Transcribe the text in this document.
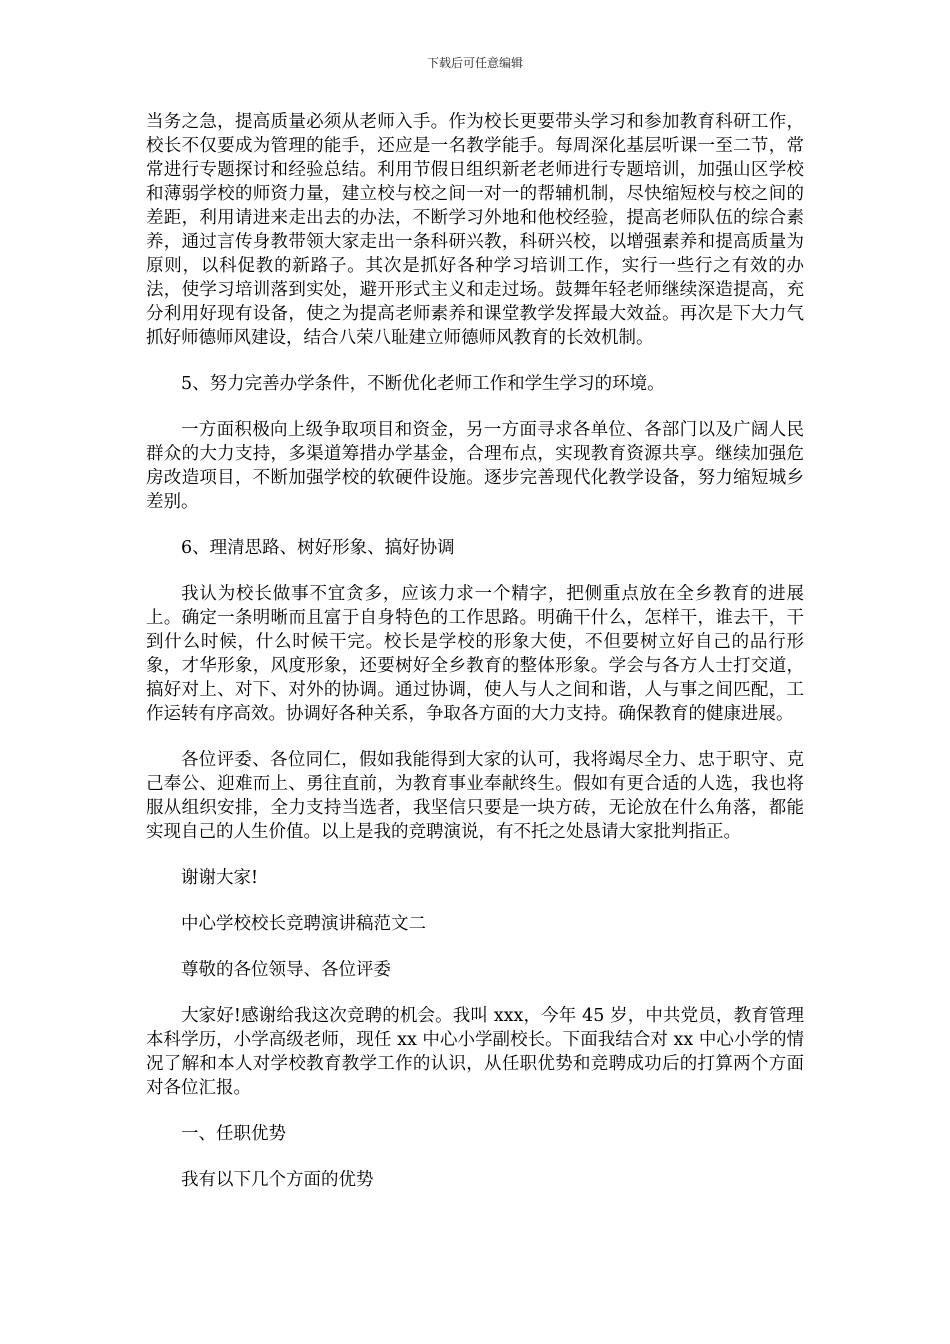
下载后可任意编辑

当务之急，提高质量必须从老师入手。作为校长更要带头学习和参加教育科研工作，校长不仅要成为管理的能手，还应是一名教学能手。每周深化基层听课一至二节，常常进行专题探讨和经验总结。利用节假日组织新老老师进行专题培训，加强山区学校和薄弱学校的师资力量，建立校与校之间一对一的帮辅机制，尽快缩短校与校之间的差距，利用请进来走出去的办法，不断学习外地和他校经验，提高老师队伍的综合素养，通过言传身教带领大家走出一条科研兴教，科研兴校，以增强素养和提高质量为原则，以科促教的新路子。其次是抓好各种学习培训工作，实行一些行之有效的办法，使学习培训落到实处，避开形式主义和走过场。鼓舞年轻老师继续深造提高，充分利用好现有设备，使之为提高老师素养和课堂教学发挥最大效益。再次是下大力气抓好师德师风建设，结合八荣八耻建立师德师风教育的长效机制。

5、努力完善办学条件，不断优化老师工作和学生学习的环境。

一方面积极向上级争取项目和资金，另一方面寻求各单位、各部门以及广阔人民群众的大力支持，多渠道筹措办学基金，合理布点，实现教育资源共享。继续加强危房改造项目，不断加强学校的软硬件设施。逐步完善现代化教学设备，努力缩短城乡差别。

6、理清思路、树好形象、搞好协调

我认为校长做事不宜贪多，应该力求一个精字，把侧重点放在全乡教育的进展上。确定一条明晰而且富于自身特色的工作思路。明确干什么，怎样干，谁去干，干到什么时候，什么时候干完。校长是学校的形象大使，不但要树立好自己的品行形象，才华形象，风度形象，还要树好全乡教育的整体形象。学会与各方人士打交道，搞好对上、对下、对外的协调。通过协调，使人与人之间和谐，人与事之间匹配，工作运转有序高效。协调好各种关系，争取各方面的大力支持。确保教育的健康进展。

各位评委、各位同仁，假如我能得到大家的认可，我将竭尽全力、忠于职守、克己奉公、迎难而上、勇往直前，为教育事业奉献终生。假如有更合适的人选，我也将服从组织安排，全力支持当选者，我坚信只要是一块方砖，无论放在什么角落，都能实现自己的人生价值。以上是我的竞聘演说，有不托之处恳请大家批判指正。

谢谢大家!

中心学校校长竞聘演讲稿范文二

尊敬的各位领导、各位评委

大家好!感谢给我这次竞聘的机会。我叫 xxx，今年 45 岁，中共党员，教育管理本科学历，小学高级老师，现任 xx 中心小学副校长。下面我结合对 xx 中心小学的情况了解和本人对学校教育教学工作的认识，从任职优势和竞聘成功后的打算两个方面对各位汇报。

一、任职优势

我有以下几个方面的优势
